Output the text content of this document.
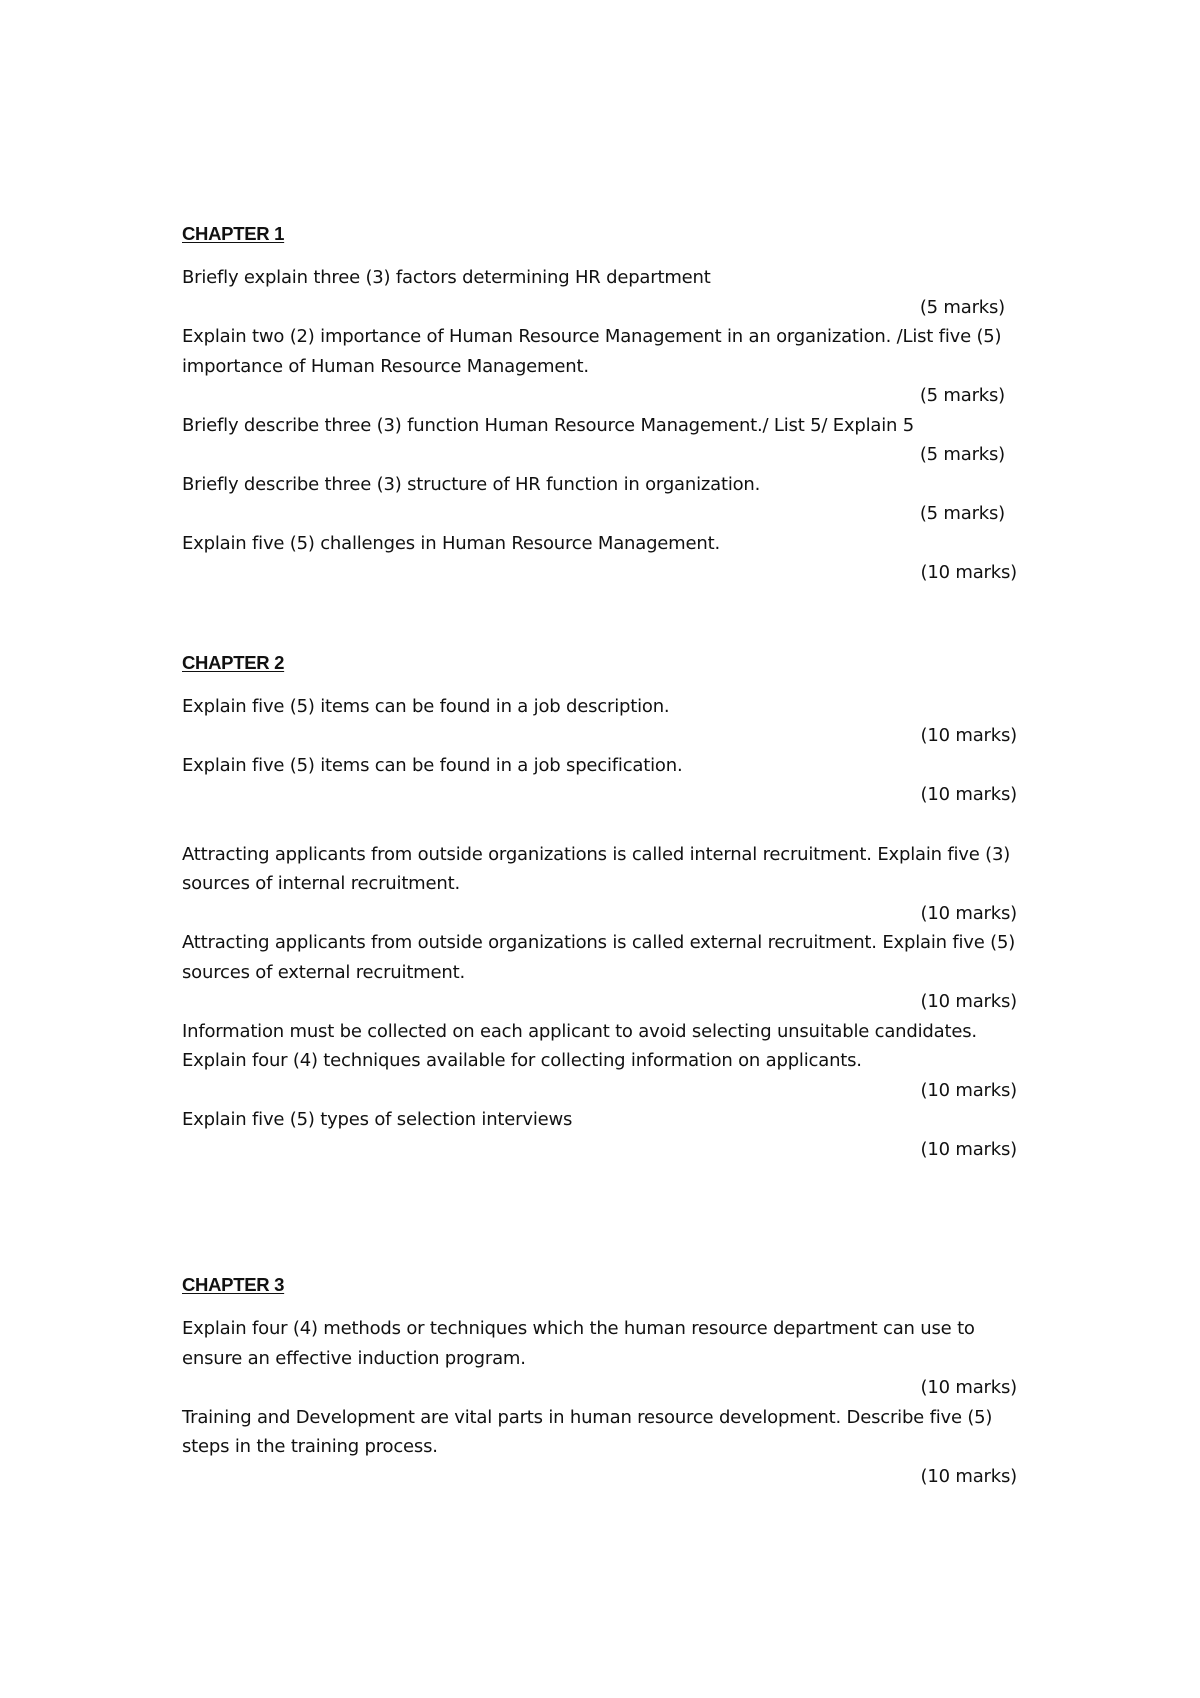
CHAPTER 1

Briefly explain three (3) factors determining HR department

(5 marks)

Explain two (2) importance of Human Resource Management in an organization. /List five (5) importance of Human Resource Management.

(5 marks)

Briefly describe three (3) function Human Resource Management./ List 5/ Explain 5

(5 marks)

Briefly describe three (3) structure of HR function in organization.

(5 marks)

Explain five (5) challenges in Human Resource Management.

(10 marks)

CHAPTER 2

Explain five (5) items can be found in a job description.

(10 marks)

Explain five (5) items can be found in a job specification.

(10 marks)

Attracting applicants from outside organizations is called internal recruitment. Explain five (3) sources of internal recruitment.

(10 marks)

Attracting applicants from outside organizations is called external recruitment. Explain five (5) sources of external recruitment.

(10 marks)

Information must be collected on each applicant to avoid selecting unsuitable candidates. Explain four (4) techniques available for collecting information on applicants.

(10 marks)

Explain five (5) types of selection interviews

(10 marks)

CHAPTER 3

Explain four (4) methods or techniques which the human resource department can use to ensure an effective induction program.

(10 marks)

Training and Development are vital parts in human resource development. Describe five (5) steps in the training process.

(10 marks)
